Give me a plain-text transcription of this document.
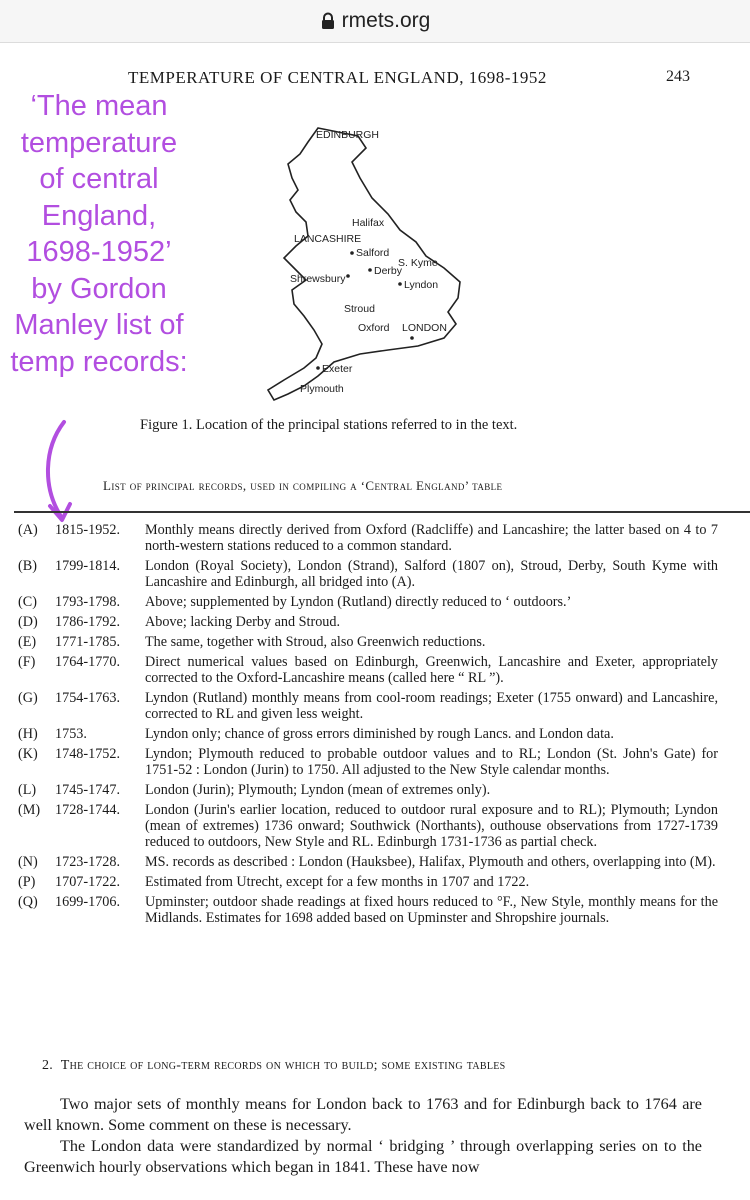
rmets.org
TEMPERATURE OF CENTRAL ENGLAND, 1698-1952	243
‘The mean temperature of central England, 1698-1952’ by Gordon Manley list of temp records:
EDINBURGH
Halifax
LANCASHIRE
Salford
S. Kyme
Derby
Shrewsbury	Lyndon
Stroud
Oxford LONDON
Exeter
Plymouth
Figure 1. Location of the principal stations referred to in the text.
List of principal records, used in compiling a ‘Central England’ table
(A)	1815-1952.	Monthly means directly derived from Oxford (Radcliffe) and Lancashire; the latter based on 4 to 7 north-western stations reduced to a common standard.
(B)	1799-1814.	London (Royal Society), London (Strand), Salford (1807 on), Stroud, Derby, South Kyme with Lancashire and Edinburgh, all bridged into (A).
(C)	1793-1798.	Above; supplemented by Lyndon (Rutland) directly reduced to ‘ outdoors.’
(D)	1786-1792.	Above; lacking Derby and Stroud.
(E)	1771-1785.	The same, together with Stroud, also Greenwich reductions.
(F)	1764-1770.	Direct numerical values based on Edinburgh, Greenwich, Lancashire and Exeter, appropriately corrected to the Oxford-Lancashire means (called here “ RL ”).
(G)	1754-1763.	Lyndon (Rutland) monthly means from cool-room readings; Exeter (1755 onward) and Lancashire, corrected to RL and given less weight.
(H)	1753.	Lyndon only; chance of gross errors diminished by rough Lancs. and London data.
(K)	1748-1752.	Lyndon; Plymouth reduced to probable outdoor values and to RL; London (St. John's Gate) for 1751-52 : London (Jurin) to 1750. All adjusted to the New Style calendar months.
(L)	1745-1747.	London (Jurin); Plymouth; Lyndon (mean of extremes only).
(M)	1728-1744.	London (Jurin's earlier location, reduced to outdoor rural exposure and to RL); Plymouth; Lyndon (mean of extremes) 1736 onward; Southwick (Northants), outhouse observations from 1727-1739 reduced to outdoors, New Style and RL. Edinburgh 1731-1736 as partial check.
(N)	1723-1728.	MS. records as described : London (Hauksbee), Halifax, Plymouth and others, overlapping into (M).
(P)	1707-1722.	Estimated from Utrecht, except for a few months in 1707 and 1722.
(Q)	1699-1706.	Upminster; outdoor shade readings at fixed hours reduced to °F., New Style, monthly means for the Midlands. Estimates for 1698 added based on Upminster and Shropshire journals.
2. The choice of long-term records on which to build; some existing tables

Two major sets of monthly means for London back to 1763 and for Edinburgh back to 1764 are well known. Some comment on these is necessary.

The London data were standardized by normal ‘ bridging ’ through overlapping series on to the Greenwich hourly observations which began in 1841. These have now
